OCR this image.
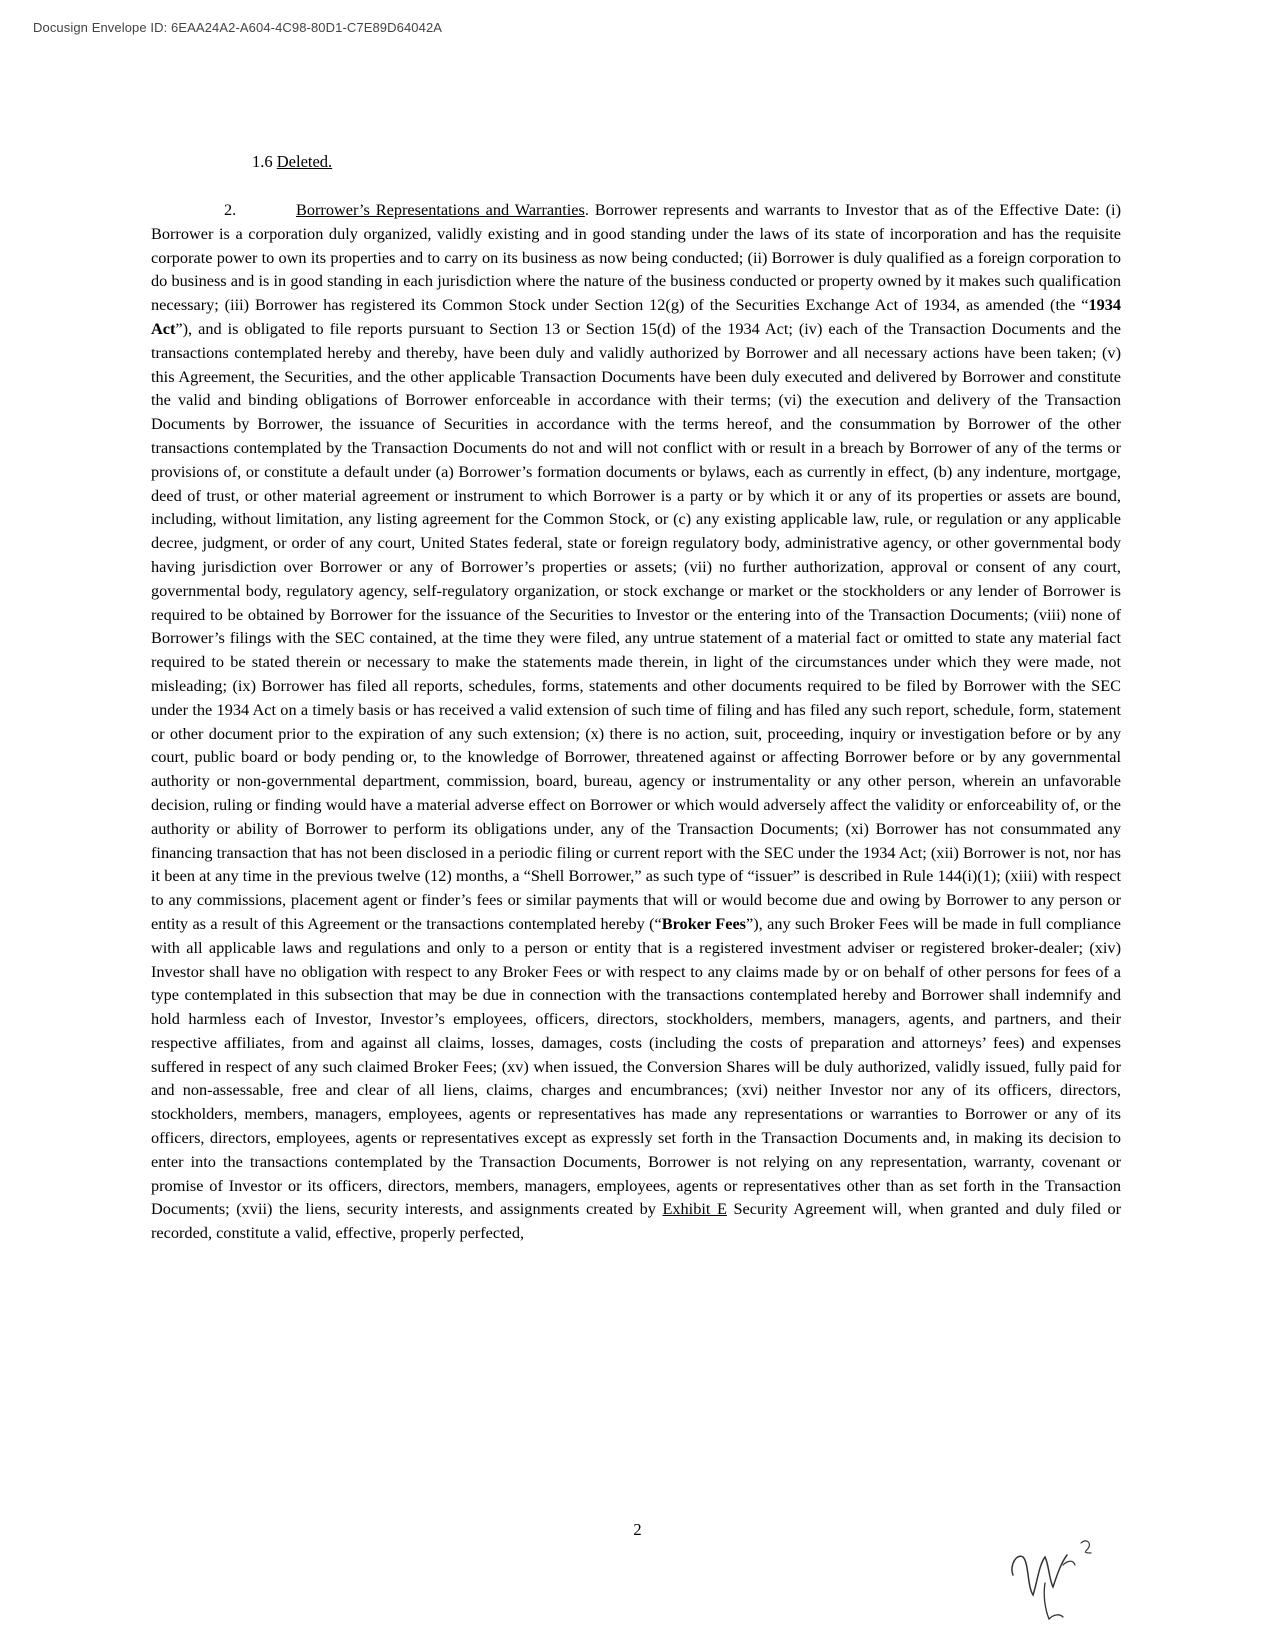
Docusign Envelope ID: 6EAA24A2-A604-4C98-80D1-C7E89D64042A
1.6 Deleted.

2.	Borrower’s Representations and Warranties. Borrower represents and warrants to Investor that as of the Effective Date: (i) Borrower is a corporation duly organized, validly existing and in good standing under the laws of its state of incorporation and has the requisite corporate power to own its properties and to carry on its business as now being conducted; (ii) Borrower is duly qualified as a foreign corporation to do business and is in good standing in each jurisdiction where the nature of the business conducted or property owned by it makes such qualification necessary; (iii) Borrower has registered its Common Stock under Section 12(g) of the Securities Exchange Act of 1934, as amended (the “1934 Act”), and is obligated to file reports pursuant to Section 13 or Section 15(d) of the 1934 Act; (iv) each of the Transaction Documents and the transactions contemplated hereby and thereby, have been duly and validly authorized by Borrower and all necessary actions have been taken; (v) this Agreement, the Securities, and the other applicable Transaction Documents have been duly executed and delivered by Borrower and constitute the valid and binding obligations of Borrower enforceable in accordance with their terms; (vi) the execution and delivery of the Transaction Documents by Borrower, the issuance of Securities in accordance with the terms hereof, and the consummation by Borrower of the other transactions contemplated by the Transaction Documents do not and will not conflict with or result in a breach by Borrower of any of the terms or provisions of, or constitute a default under (a) Borrower’s formation documents or bylaws, each as currently in effect, (b) any indenture, mortgage, deed of trust, or other material agreement or instrument to which Borrower is a party or by which it or any of its properties or assets are bound, including, without limitation, any listing agreement for the Common Stock, or (c) any existing applicable law, rule, or regulation or any applicable decree, judgment, or order of any court, United States federal, state or foreign regulatory body, administrative agency, or other governmental body having jurisdiction over Borrower or any of Borrower’s properties or assets; (vii) no further authorization, approval or consent of any court, governmental body, regulatory agency, self-regulatory organization, or stock exchange or market or the stockholders or any lender of Borrower is required to be obtained by Borrower for the issuance of the Securities to Investor or the entering into of the Transaction Documents; (viii) none of Borrower’s filings with the SEC contained, at the time they were filed, any untrue statement of a material fact or omitted to state any material fact required to be stated therein or necessary to make the statements made therein, in light of the circumstances under which they were made, not misleading; (ix) Borrower has filed all reports, schedules, forms, statements and other documents required to be filed by Borrower with the SEC under the 1934 Act on a timely basis or has received a valid extension of such time of filing and has filed any such report, schedule, form, statement or other document prior to the expiration of any such extension; (x) there is no action, suit, proceeding, inquiry or investigation before or by any court, public board or body pending or, to the knowledge of Borrower, threatened against or affecting Borrower before or by any governmental authority or non-governmental department, commission, board, bureau, agency or instrumentality or any other person, wherein an unfavorable decision, ruling or finding would have a material adverse effect on Borrower or which would adversely affect the validity or enforceability of, or the authority or ability of Borrower to perform its obligations under, any of the Transaction Documents; (xi) Borrower has not consummated any financing transaction that has not been disclosed in a periodic filing or current report with the SEC under the 1934 Act; (xii) Borrower is not, nor has it been at any time in the previous twelve (12) months, a “Shell Borrower,” as such type of “issuer” is described in Rule 144(i)(1); (xiii) with respect to any commissions, placement agent or finder’s fees or similar payments that will or would become due and owing by Borrower to any person or entity as a result of this Agreement or the transactions contemplated hereby (“Broker Fees”), any such Broker Fees will be made in full compliance with all applicable laws and regulations and only to a person or entity that is a registered investment adviser or registered broker-dealer; (xiv) Investor shall have no obligation with respect to any Broker Fees or with respect to any claims made by or on behalf of other persons for fees of a type contemplated in this subsection that may be due in connection with the transactions contemplated hereby and Borrower shall indemnify and hold harmless each of Investor, Investor’s employees, officers, directors, stockholders, members, managers, agents, and partners, and their respective affiliates, from and against all claims, losses, damages, costs (including the costs of preparation and attorneys’ fees) and expenses suffered in respect of any such claimed Broker Fees; (xv) when issued, the Conversion Shares will be duly authorized, validly issued, fully paid for and non-assessable, free and clear of all liens, claims, charges and encumbrances; (xvi) neither Investor nor any of its officers, directors, stockholders, members, managers, employees, agents or representatives has made any representations or warranties to Borrower or any of its officers, directors, employees, agents or representatives except as expressly set forth in the Transaction Documents and, in making its decision to enter into the transactions contemplated by the Transaction Documents, Borrower is not relying on any representation, warranty, covenant or promise of Investor or its officers, directors, members, managers, employees, agents or representatives other than as set forth in the Transaction Documents; (xvii) the liens, security interests, and assignments created by Exhibit E Security Agreement will, when granted and duly filed or recorded, constitute a valid, effective, properly perfected,

2
